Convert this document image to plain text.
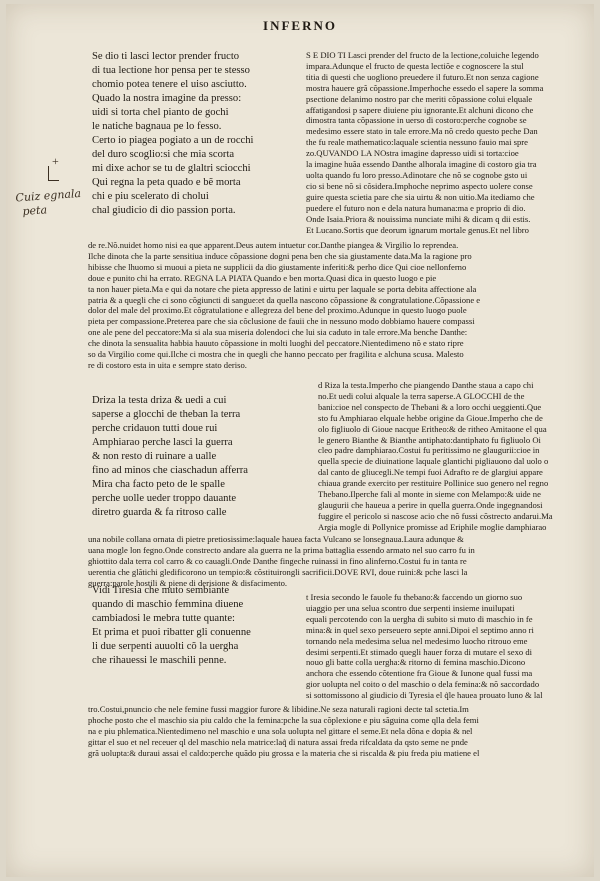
INFERNO
Se dio ti lasci lector prender fructo
di tua lectione hor pensa per te stesso
chomio potea tenere el uiso asciutto.
Quado la nostra imagine da presso:
uidi si torta chel pianto de gochi
le natiche bagnaua pe lo fesso.
Certo io piagea pogiato a un de rocchi
del duro scoglio:si che mia scorta
mi dixe achor se tu de glaltri sciocchi
Qui regna la peta quado e bẽ morta
chi e piu scelerato di cholui
chal giudicio di dio passion porta.
Driza la testa driza & uedi a cui
saperse a glocchi de theban la terra
perche cridauon tutti doue rui
Amphiarao perche lasci la guerra
& non resto di ruinare a ualle
fino ad minos che ciaschadun afferra
Mira cha facto peto de le spalle
perche uolle ueder troppo dauante
diretro guarda & fa ritroso calle
Vidi Tiresia che muto sembiante
quando di maschio femmina diuene
cambiadosi le mebra tutte quante:
Et prima et puoi ribatter gli conuenne
li due serpenti auuolti cõ la uergha
che rihauessi le maschili penne.
S E DIO TI Lasci prender del fructo de la lectione,coluiche legendo
impara.Adunque el fructo de questa lectiõe e cognoscere la stul
titia di questi che uogliono preuedere il futuro.Et non senza cagione
mostra hauere grã cõpassione.Imperhoche essedo el sapere la somma
psectione delanimo nostro par che meriti cõpassione colui elquale
affatigandosi p sapere diuiene piu ignorante.Et alchuni dicono che
dimostra tanta cõpassione in uerso di costoro:perche cognobe se
medesimo essere stato in tale errore.Ma nõ credo questo peche Dan
the fu reale mathematico:laquale scientia nessuno fauio mai spre
zo.QUVANDO LA NOstra imagine dapresso uidi si torta:cioe
la imagine huãa essendo Danthe alhorala imagine di costoro gia tra
uolta quando fu loro presso.Adinotare che nõ se cognobe gsto ui
cio si bene nõ si cõsidera.Imphoche neprimo aspecto uolere conse
guire questa scietia pare che sia uirtu & non uitio.Ma itediamo che
puedere el futuro non e dela natura humana:ma e proprio di dio.
Onde Isaia.Priora & nouissima nunciate mihi & dicam q dii estis.
Et Lucano.Sortis que deorum ignarum mortale genus.Et nel libro
de re.Nõ.nuidet homo nisi ea que apparent.Deus autem intuetur cor.Danthe piangea & Virgilio lo reprendea.
Ilche dinota che la parte sensitiua induce cõpassione dogni pena ben che sia giustamente data.Ma la ragione pro
hibisse che lhuomo si muoui a pieta ne supplicii da dio giustamente inferiti:& perho dice Qui cioe nellonferno
doue e punito chi ha errato. REGNA LA PIATA Quando e ben morta.Quasi dica in questo luogo e pie
ta non hauer pieta.Ma e qui da notare che pieta appresso de latini e uirtu per laquale se porta debita affectione ala
patria & a quegli che ci sono cõgiuncti di sangue:et da quella nascono cõpassione & congratulatione.Cõpassione e
dolor del male del proximo.Et cõgratulatione e allegreza del bene del proximo.Adunque in questo luogo puole
pieta per compassione.Preterea pare che sia cõclusione de fauii che in nessuno modo dobbiamo hauere compassi
one ale pene del peccatore:Ma si ala sua miseria dolendoci che lui sia caduto in tale errore.Ma benche Danthe:
che dinota la sensualita habbia hauuto cõpassione in molti luoghi del peccatore.Nientedimeno nõ e stato ripre
so da Virgilio come qui.Ilche ci mostra che in quegli che hanno peccato per fragilita e alchuna scusa. Malesto
re di costoro esta in uita e sempre stato deriso.
d Riza la testa.Imperho che piangendo Danthe staua a capo chi
no.Et uedi colui alquale la terra saperse.A GLOCCHI de the
bani:cioe nel conspecto de Thebani & a loro occhi ueggienti.Que
sto fu Amphiarao elquale hebbe origine da Gioue.Imperho che de
olo figliuolo di Gioue nacque Eritheo:& de ritheo Amitaone el qua
le genero Bianthe & Bianthe antiphato:dantiphato fu figliuolo Oi
cleo padre damphiarao.Costui fu peritissimo ne glaugurii:cioe in
quella specie de diuinatione laquale glantichi pigliauono dal uolo o
dal canto de gliucegli.Ne tempi fuoi Adrafto re de glargiui appare
chiaua grande exercito per restituire Pollinice suo genero nel regno
Thebano.Ilperche fali al monte in sieme con Melampo:& uide ne
glaugurii che haueua a perire in quella guerra.Onde ingegnandosi
fuggire el pericolo si nascose acio che nõ fussi cõstrecto andarui.Ma
Argia mogle di Pollynice promisse ad Eriphile moglie damphiarao
una nobile collana ornata di pietre pretiosissime:laquale hauea facta Vulcano se lonsegnaua.Laura adunque &
uana mogle lon fegno.Onde constrecto andare ala guerra ne la prima battaglia essendo armato nel suo carro fu in
ghiottito dala terra col carro & co cauagli.Onde Danthe fingeche ruinassi in fino alinferno.Costui fu in tanta re
uerentia che glãtichi gledificorono un tempio:& cõstituirongli sacrificii.DOVE RVI, doue ruini:& pche lasci la
guerra:parole hostili & piene di derisione & disfacimento.
t Iresia secondo le fauole fu thebano:& faccendo un giorno suo
uiaggio per una selua scontro due serpenti insieme inuilupati
equali percotendo con la uergha di subito si muto di maschio in fe
mina:& in quel sexo perseuero septe anni.Dipoi el septimo anno ri
tornando nela medesima selua nel medesimo luocho ritrouo eme
desimi serpenti.Et stimado quegli hauer forza di mutare el sexo di
nouo gli batte colla uergha:& ritorno di femina maschio.Dicono
anchora che essendo cõtentione fra Gioue & Iunone qual fussi ma
gior uolupta nel coito o del maschio o dela femina:& nõ saccordado
si sottomissono al giudicio di Tyresia el q̃le hauea prouato luno & lal
tro.Costui,pnuncio che nele femine fussi maggior furore & libidine.Ne seza naturali ragioni decte tal sctetia.Im
phoche posto che el maschio sia piu caldo che la femina:pche la sua cõplexione e piu sãguina come qlla dela femi
na e piu phlematica.Nientedimeno nel maschio e una sola uolupta nel gittare el seme.Et nela dõna e dopia & nel
gittar el suo et nel receuer ql del maschio nela matrice:laq̃ di natura assai freda rifcaldata da qsto seme ne pnde
grã uolupta:& duraui assai el caldo:perche quãdo piu grossa e la materia che si riscalda & piu freda piu matiene el
+
Cuiz egnala
peta
